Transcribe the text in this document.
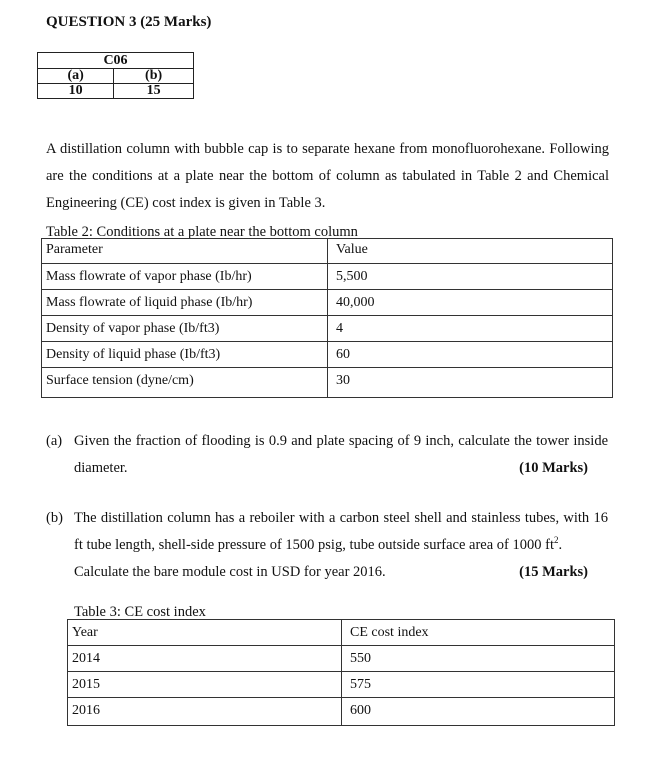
QUESTION 3 (25 Marks)
C06	
(a)	(b)
10	15
A distillation column with bubble cap is to separate hexane from monofluorohexane. Following are the conditions at a plate near the bottom of column as tabulated in Table 2 and Chemical Engineering (CE) cost index is given in Table 3.
Table 2: Conditions at a plate near the bottom column
Parameter	Value
Mass flowrate of vapor phase (Ib/hr)	5,500
Mass flowrate of liquid phase (Ib/hr)	40,000
Density of vapor phase (Ib/ft3)	4
Density of liquid phase (Ib/ft3)	60
Surface tension (dyne/cm)	30
(a) Given the fraction of flooding is 0.9 and plate spacing of 9 inch, calculate the tower inside diameter.	(10 Marks)
(b) The distillation column has a reboiler with a carbon steel shell and stainless tubes, with 16 ft tube length, shell-side pressure of 1500 psig, tube outside surface area of 1000 $ft^2$.
Calculate the bare module cost in USD for year 2016.	(15 Marks)
Table 3: CE cost index
Year	CE cost index
2014	550
2015	575
2016	600
